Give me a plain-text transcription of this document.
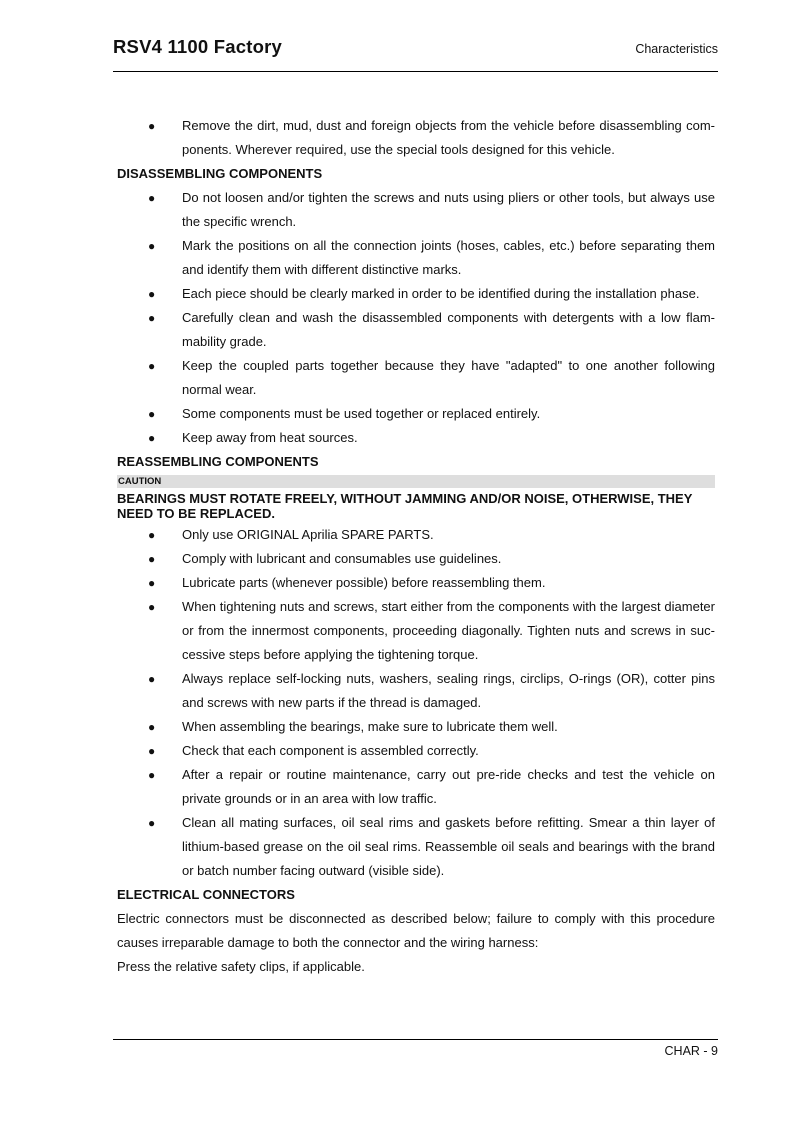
RSV4 1100 Factory	Characteristics
● Remove the dirt, mud, dust and foreign objects from the vehicle before disassembling com-ponents. Wherever required, use the special tools designed for this vehicle.
DISASSEMBLING COMPONENTS
● Do not loosen and/or tighten the screws and nuts using pliers or other tools, but always use the specific wrench.
● Mark the positions on all the connection joints (hoses, cables, etc.) before separating them and identify them with different distinctive marks.
● Each piece should be clearly marked in order to be identified during the installation phase.
● Carefully clean and wash the disassembled components with detergents with a low flam-mability grade.
● Keep the coupled parts together because they have "adapted" to one another following normal wear.
● Some components must be used together or replaced entirely.
● Keep away from heat sources.
REASSEMBLING COMPONENTS
CAUTION
BEARINGS MUST ROTATE FREELY, WITHOUT JAMMING AND/OR NOISE, OTHERWISE, THEY NEED TO BE REPLACED.
● Only use ORIGINAL Aprilia SPARE PARTS.
● Comply with lubricant and consumables use guidelines.
● Lubricate parts (whenever possible) before reassembling them.
● When tightening nuts and screws, start either from the components with the largest diameter or from the innermost components, proceeding diagonally. Tighten nuts and screws in suc-cessive steps before applying the tightening torque.
● Always replace self-locking nuts, washers, sealing rings, circlips, O-rings (OR), cotter pins and screws with new parts if the thread is damaged.
● When assembling the bearings, make sure to lubricate them well.
● Check that each component is assembled correctly.
● After a repair or routine maintenance, carry out pre-ride checks and test the vehicle on private grounds or in an area with low traffic.
● Clean all mating surfaces, oil seal rims and gaskets before refitting. Smear a thin layer of lithium-based grease on the oil seal rims. Reassemble oil seals and bearings with the brand or batch number facing outward (visible side).
ELECTRICAL CONNECTORS

Electric connectors must be disconnected as described below; failure to comply with this procedure causes irreparable damage to both the connector and the wiring harness:

Press the relative safety clips, if applicable.

CHAR - 9
